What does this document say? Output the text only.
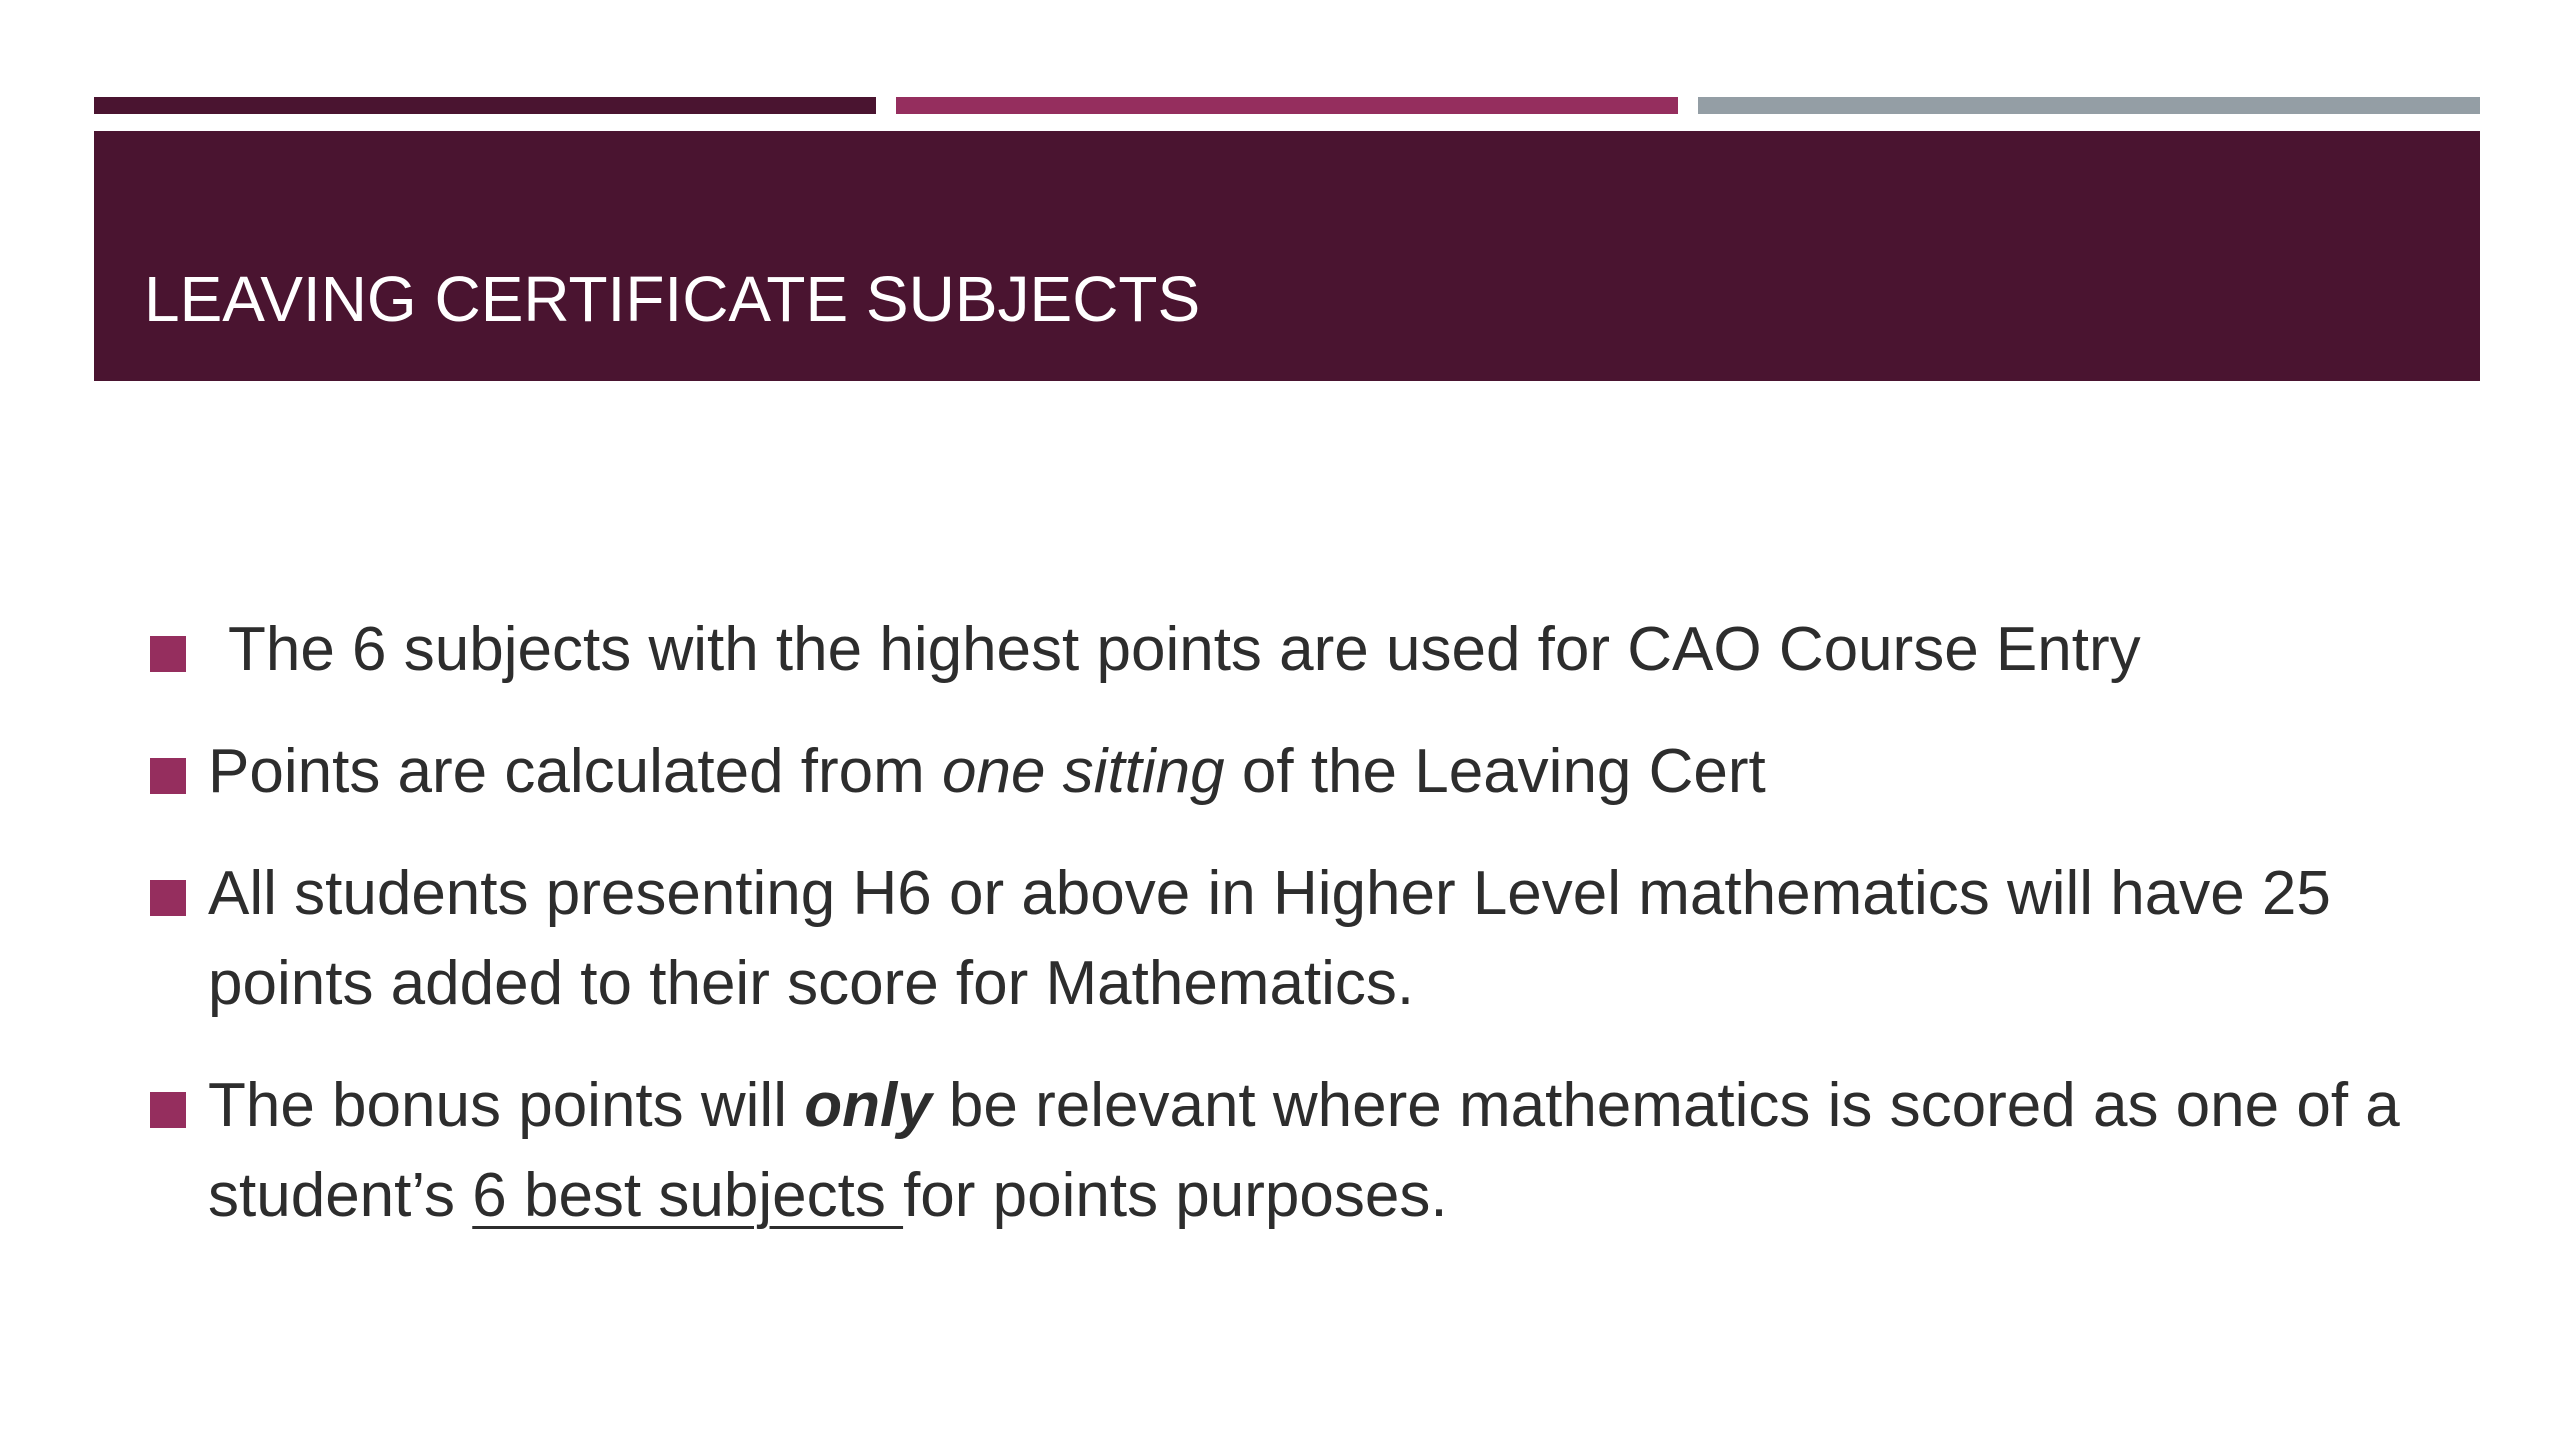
LEAVING CERTIFICATE SUBJECTS
The 6 subjects with the highest points are used for CAO Course Entry
Points are calculated from one sitting of the Leaving Cert
All students presenting H6 or above in Higher Level mathematics will have 25 points added to their score for Mathematics.
The bonus points will only be relevant where mathematics is scored as one of a student’s 6 best subjects for points purposes.
